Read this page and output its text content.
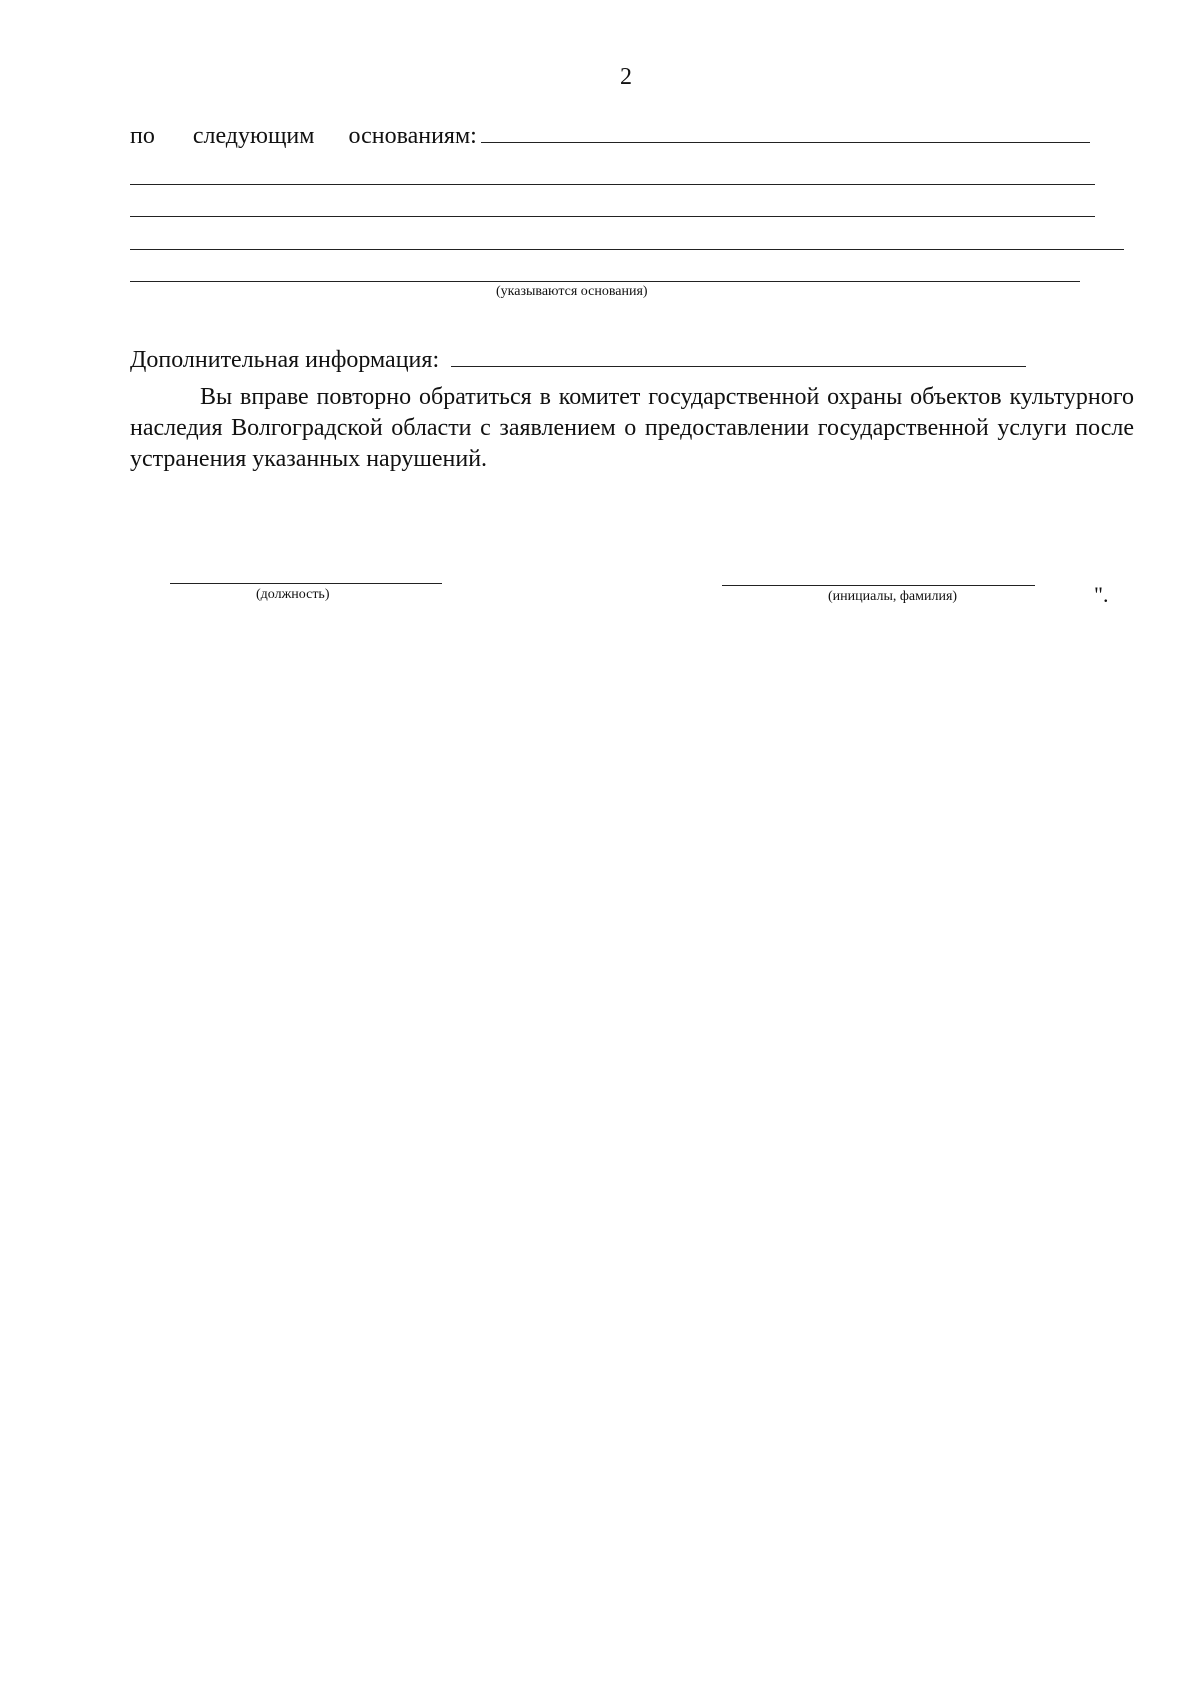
2
по следующим основаниям:
(указываются основания)
Дополнительная информация:

Вы вправе повторно обратиться в комитет государственной охраны объектов культурного наследия Волгоградской области с заявлением о предоставлении государственной услуги после устранения указанных нарушений.

(должность)	(инициалы, фамилия)	".
